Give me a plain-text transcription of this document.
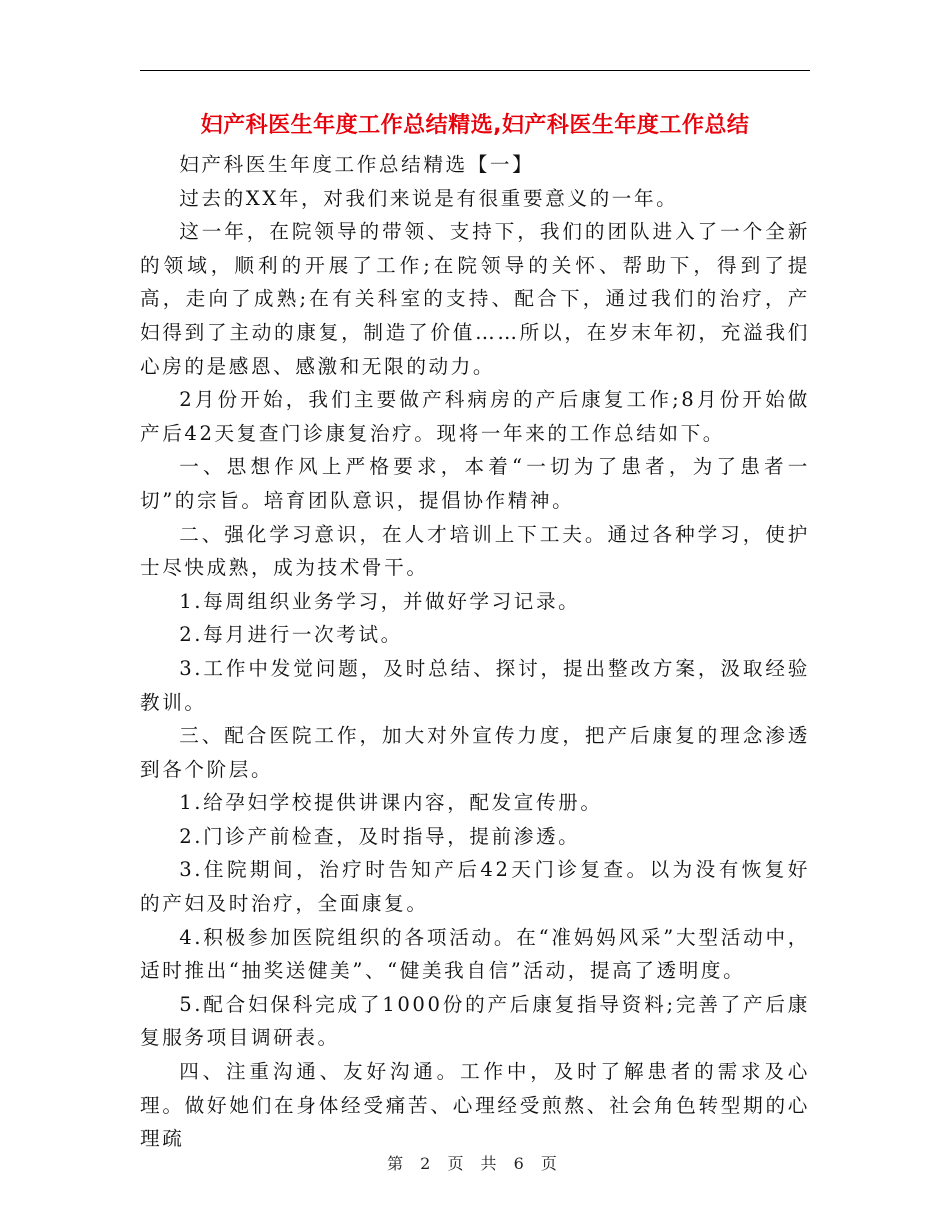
妇产科医生年度工作总结精选,妇产科医生年度工作总结

妇产科医生年度工作总结精选【一】

过去的XX年，对我们来说是有很重要意义的一年。

这一年，在院领导的带领、支持下，我们的团队进入了一个全新的领域，顺利的开展了工作;在院领导的关怀、帮助下，得到了提高，走向了成熟;在有关科室的支持、配合下，通过我们的治疗，产妇得到了主动的康复，制造了价值……所以，在岁末年初，充溢我们心房的是感恩、感激和无限的动力。

2月份开始，我们主要做产科病房的产后康复工作;8月份开始做产后42天复查门诊康复治疗。现将一年来的工作总结如下。

一、思想作风上严格要求，本着“一切为了患者，为了患者一切”的宗旨。培育团队意识，提倡协作精神。

二、强化学习意识，在人才培训上下工夫。通过各种学习，使护士尽快成熟，成为技术骨干。

1.每周组织业务学习，并做好学习记录。

2.每月进行一次考试。

3.工作中发觉问题，及时总结、探讨，提出整改方案，汲取经验教训。

三、配合医院工作，加大对外宣传力度，把产后康复的理念渗透到各个阶层。

1.给孕妇学校提供讲课内容，配发宣传册。

2.门诊产前检查，及时指导，提前渗透。

3.住院期间，治疗时告知产后42天门诊复查。以为没有恢复好的产妇及时治疗，全面康复。

4.积极参加医院组织的各项活动。在“准妈妈风采”大型活动中，适时推出“抽奖送健美”、“健美我自信”活动，提高了透明度。

5.配合妇保科完成了1000份的产后康复指导资料;完善了产后康复服务项目调研表。

四、注重沟通、友好沟通。工作中，及时了解患者的需求及心理。做好她们在身体经受痛苦、心理经受煎熬、社会角色转型期的心理疏

第 2 页 共 6 页
